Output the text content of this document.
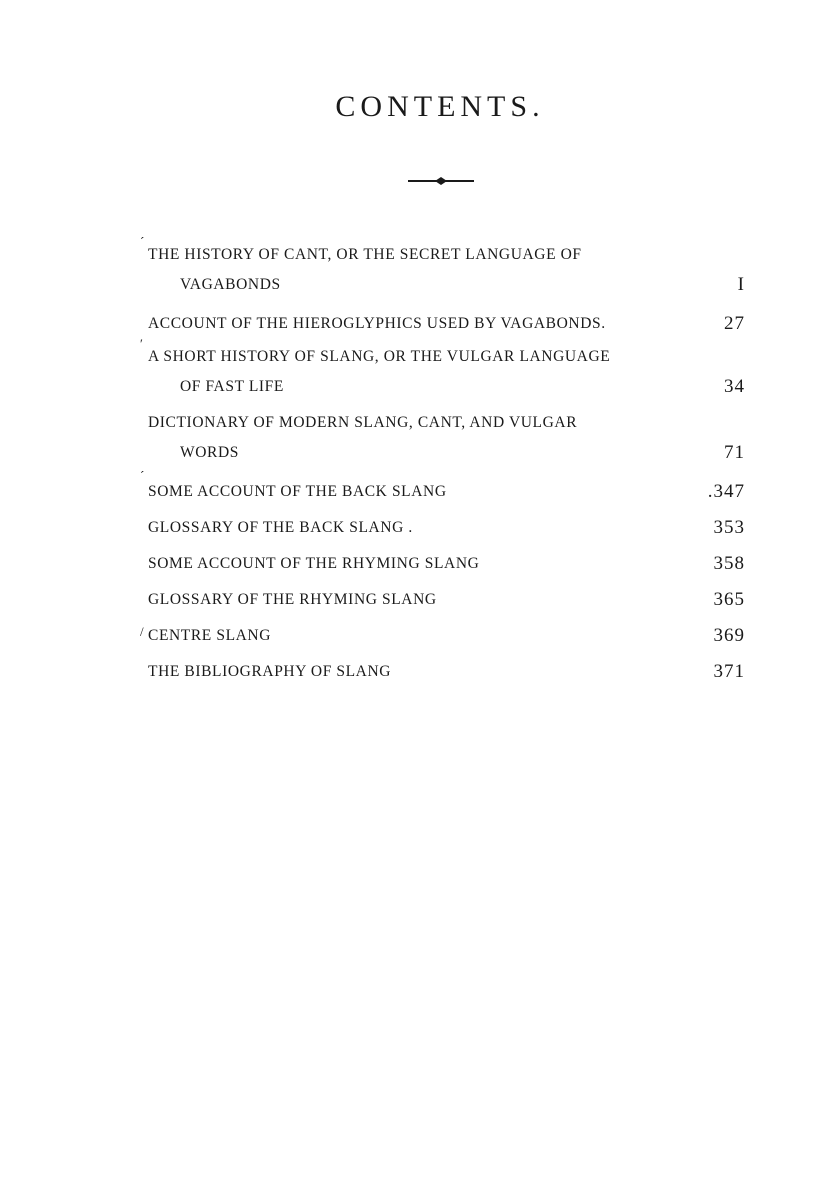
CONTENTS.
´
THE HISTORY OF CANT, OR THE SECRET LANGUAGE OF
VAGABONDS	I
ACCOUNT OF THE HIEROGLYPHICS USED BY VAGABONDS.	27
′
A SHORT HISTORY OF SLANG, OR THE VULGAR LANGUAGE
OF FAST LIFE	34
DICTIONARY OF MODERN SLANG, CANT, AND VULGAR
WORDS	71
´
SOME ACCOUNT OF THE BACK SLANG	.347
GLOSSARY OF THE BACK SLANG .	353
SOME ACCOUNT OF THE RHYMING SLANG	358
GLOSSARY OF THE RHYMING SLANG	365
/ CENTRE SLANG	369
THE BIBLIOGRAPHY OF SLANG	371
